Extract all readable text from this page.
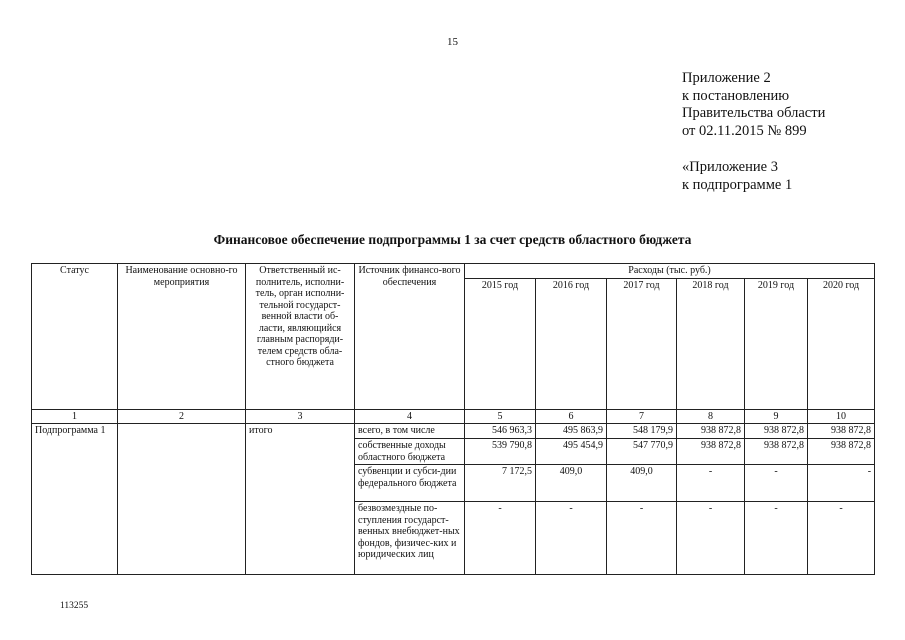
15
Приложение 2
к постановлению
Правительства области
от 02.11.2015 № 899
«Приложение 3
к подпрограмме 1
Финансовое обеспечение подпрограммы 1 за счет средств областного бюджета
Статус	Наименование основно-го мероприятия	Ответственный ис-полнитель, исполни-тель, орган исполни-тельной государст-венной власти об-ласти, являющийся главным распоряди-телем средств обла-стного бюджета	Источник финансо-вого обеспечения	Расходы (тыс. руб.)					
				2015 год	2016 год	2017 год	2018 год	2019 год	2020 год
1	2	3	4	5	6	7	8	9	10
Подпрограмма 1		итого	всего, в том числе	546 963,3	495 863,9	548 179,9	938 872,8	938 872,8	938 872,8
			собственные доходы областного бюджета	539 790,8	495 454,9	547 770,9	938 872,8	938 872,8	938 872,8
			субвенции и субси-дии федерального бюджета	7 172,5	409,0	409,0	-	-	-
			безвозмездные по-ступления государст-венных внебюджет-ных фондов, физичес-ких и юридических лиц	-	-	-	-	-	-
113255
